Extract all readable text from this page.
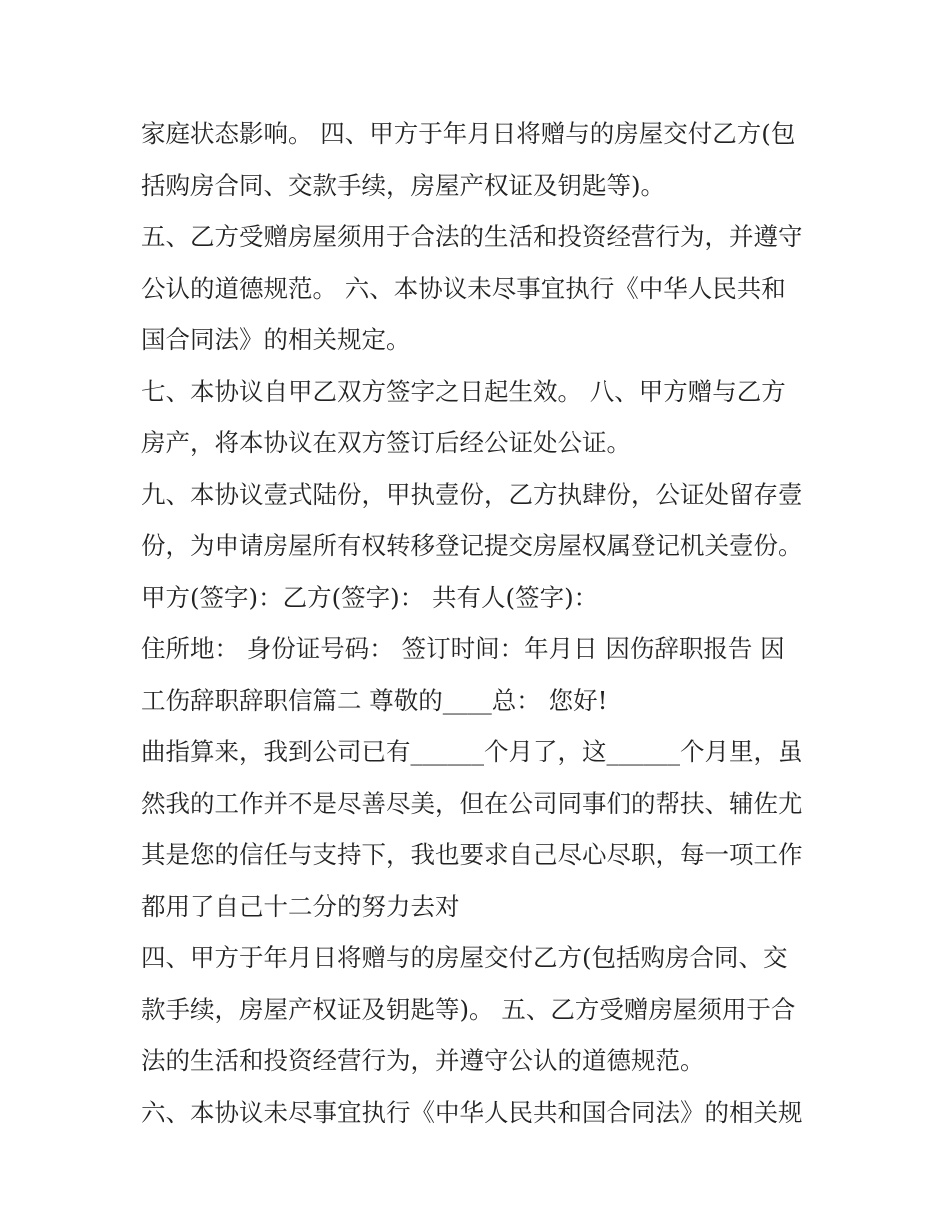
家庭状态影响。 四、甲方于年月日将赠与的房屋交付乙方(包
括购房合同、交款手续，房屋产权证及钥匙等)。
五、乙方受赠房屋须用于合法的生活和投资经营行为，并遵守
公认的道德规范。 六、本协议未尽事宜执行《中华人民共和
国合同法》的相关规定。
七、本协议自甲乙双方签字之日起生效。 八、甲方赠与乙方
房产，将本协议在双方签订后经公证处公证。
九、本协议壹式陆份，甲执壹份，乙方执肆份，公证处留存壹
份，为申请房屋所有权转移登记提交房屋权属登记机关壹份。
甲方(签字)：乙方(签字)： 共有人(签字)：
住所地： 身份证号码： 签订时间：年月日 因伤辞职报告 因
工伤辞职辞职信篇二 尊敬的____总： 您好!
曲指算来，我到公司已有______个月了，这______个月里，虽
然我的工作并不是尽善尽美，但在公司同事们的帮扶、辅佐尤
其是您的信任与支持下，我也要求自己尽心尽职，每一项工作
都用了自己十二分的努力去对
四、甲方于年月日将赠与的房屋交付乙方(包括购房合同、交
款手续，房屋产权证及钥匙等)。 五、乙方受赠房屋须用于合
法的生活和投资经营行为，并遵守公认的道德规范。
六、本协议未尽事宜执行《中华人民共和国合同法》的相关规
